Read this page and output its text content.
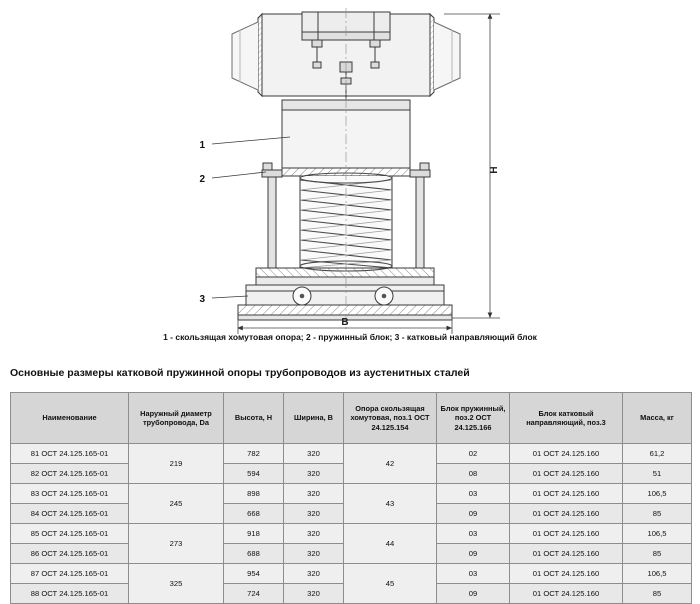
H
B
1
2
3
1 - скользящая хомутовая опора; 2 - пружинный блок; 3 - катковый направляющий блок
Основные размеры катковой пружинной опоры трубопроводов из аустенитных сталей
Наименование	Наружный диаметр трубопровода, Da	Высота, Н	Ширина, В	Опора скользящая хомутовая, поз.1 ОСТ 24.125.154	Блок пружинный, поз.2 ОСТ 24.125.166	Блок катковый направляющий, поз.3	Масса, кг
81 ОСТ 24.125.165-01	219	782	320	42	02	01 ОСТ 24.125.160	61,2
82 ОСТ 24.125.165-01		594	320		08	01 ОСТ 24.125.160	51
83 ОСТ 24.125.165-01	245	898	320	43	03	01 ОСТ 24.125.160	106,5
84 ОСТ 24.125.165-01		668	320		09	01 ОСТ 24.125.160	85
85 ОСТ 24.125.165-01	273	918	320	44	03	01 ОСТ 24.125.160	106,5
86 ОСТ 24.125.165-01		688	320		09	01 ОСТ 24.125.160	85
87 ОСТ 24.125.165-01	325	954	320	45	03	01 ОСТ 24.125.160	106,5
88 ОСТ 24.125.165-01		724	320		09	01 ОСТ 24.125.160	85
